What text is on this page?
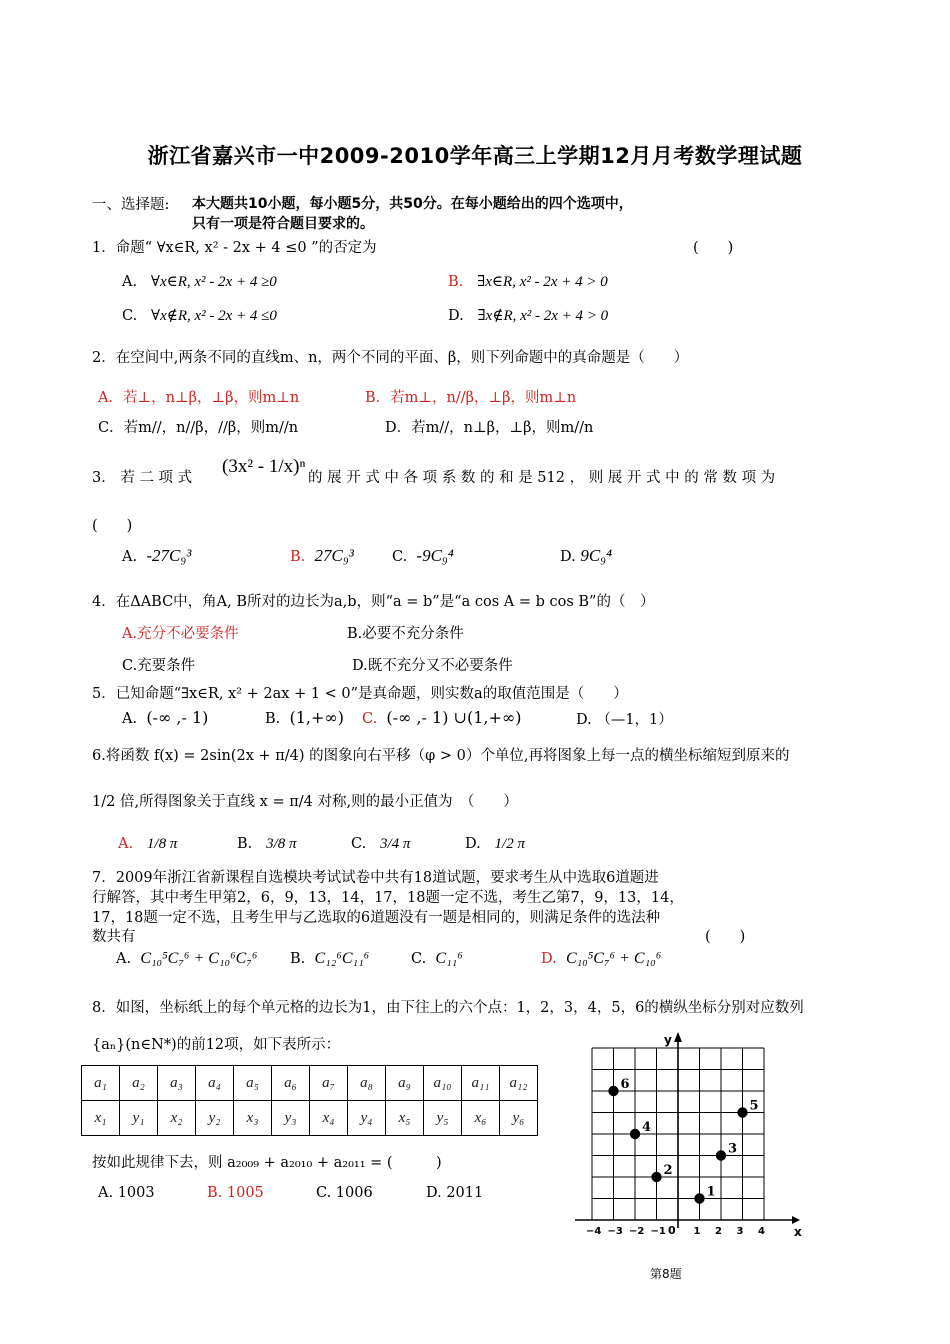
浙江省嘉兴市一中2009-2010学年高三上学期12月月考数学理试题
一、选择题: 本大题共10小题，每小题5分，共50分。在每小题给出的四个选项中，
只有一项是符合题目要求的。
1．命题“ ∀x∈R, x² - 2x + 4 ≤0 ”的否定为	(　　)
A. ∀x∈R, x² - 2x + 4 ≥0	B. ∃x∈R, x² - 2x + 4 > 0
C. ∀x∉R, x² - 2x + 4 ≤0	D. ∃x∉R, x² - 2x + 4 > 0
2．在空间中,两条不同的直线m、n，两个不同的平面、β，则下列命题中的真命题是（　　）
A．若⊥，n⊥β，⊥β，则m⊥n	B．若m⊥，n//β，⊥β，则m⊥n
C．若m//，n//β，//β，则m//n	D．若m//，n⊥β，⊥β，则m//n
3． 若 二 项 式
(3x² - 1/x)ⁿ
的 展 开 式 中 各 项 系 数 的 和 是 512 ， 则 展 开 式 中 的 常 数 项 为
(　　)
A. -27C₉³	B. 27C₉³	C. -9C₉⁴	D. 9C₉⁴
4．在ΔABC中，角A, B所对的边长为a,b，则“a = b”是“a cos A = b cos B”的（　）
A.充分不必要条件	B.必要不充分条件
C.充要条件	D.既不充分又不必要条件
5．已知命题“∃x∈R, x² + 2ax + 1 < 0”是真命题，则实数a的取值范围是（　　）
A. (-∞ ,- 1)	B. (1,+∞) C. (-∞ ,- 1) ∪(1,+∞)	D. （—1，1）
6.将函数 f(x) = 2sin(2x + π/4) 的图象向右平移（φ > 0）个单位,再将图象上每一点的横坐标缩短到原来的
1/2 倍,所得图象关于直线 x = π/4 对称,则的最小正值为　（　　）
A. 1/8 π	B. 3/8 π	C. 3/4 π	D. 1/2 π
7．2009年浙江省新课程自选模块考试试卷中共有18道试题，要求考生从中选取6道题进
行解答，其中考生甲第2，6，9，13，14，17，18题一定不选，考生乙第7，9，13，14，
17，18题一定不选，且考生甲与乙选取的6道题没有一题是相同的，则满足条件的选法种
数共有	(　　)
A. C₁₀⁵C₇⁶ + C₁₀⁶C₇⁶ B. C₁₂⁶C₁₁⁶	C. C₁₁⁶	D. C₁₀⁵C₇⁶ + C₁₀⁶
8．如图，坐标纸上的每个单元格的边长为1，由下往上的六个点：1，2，3，4，5，6的横纵坐标分别对应数列
{aₙ}(n∈N*)的前12项，如下表所示：
a₁	a₂	a₃	a₄	a₅	a₆	a₇	a₈	a₉	a₁₀	a₁₁	a₁₂
x₁	y₁	x₂	y₂	x₃	y₃	x₄	y₄	x₅	y₅	x₆	y₆
按如此规律下去，则 a₂₀₀₉ + a₂₀₁₀ + a₂₀₁₁ = (　　　)
A. 1003	B. 1005	C. 1006	D. 2011
x
y
0
−4 −3 −2 −1	1 2 3 4
1
2
3
4
5
6
第8题
